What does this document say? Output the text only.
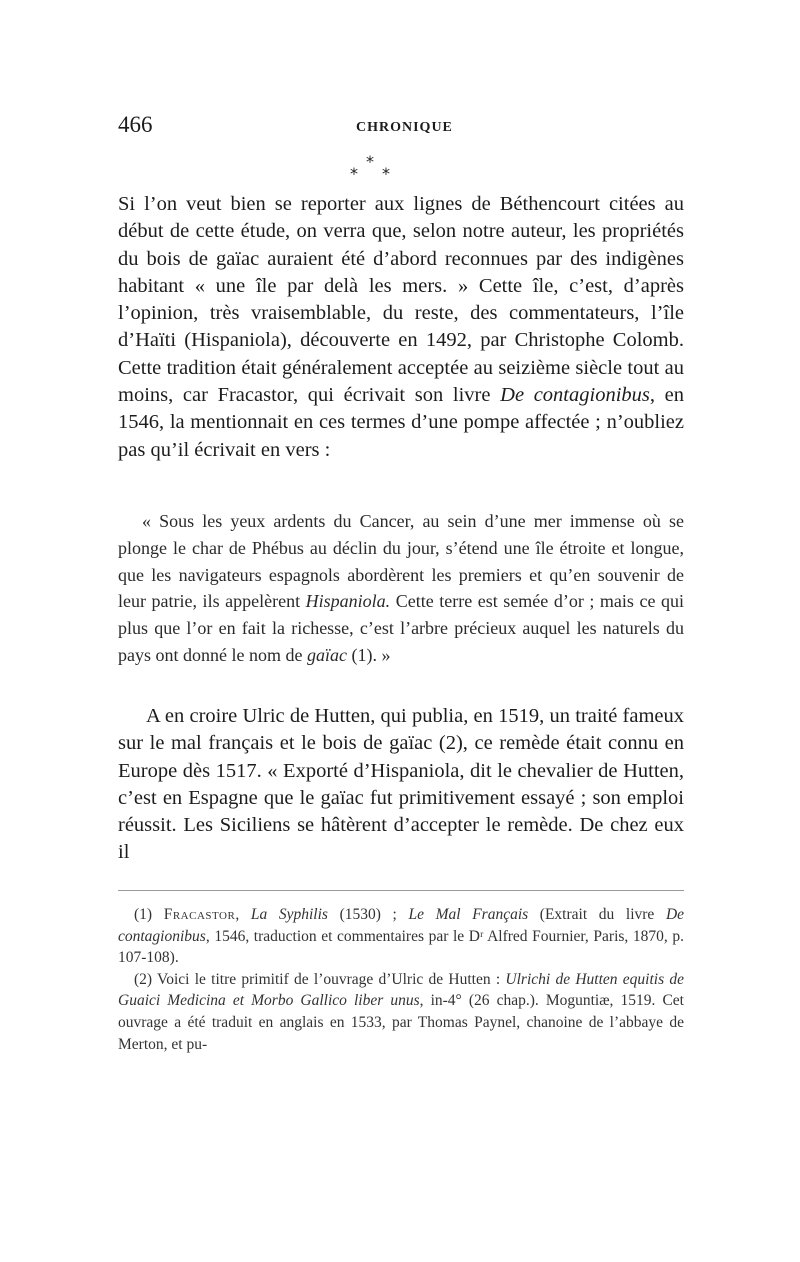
466	CHRONIQUE
*
* *

Si l’on veut bien se reporter aux lignes de Béthencourt citées au début de cette étude, on verra que, selon notre auteur, les propriétés du bois de gaïac auraient été d’abord reconnues par des indigènes habitant « une île par delà les mers. » Cette île, c’est, d’après l’opinion, très vraisemblable, du reste, des commentateurs, l’île d’Haïti (Hispaniola), découverte en 1492, par Christophe Colomb. Cette tradition était généralement acceptée au seizième siècle tout au moins, car Fracastor, qui écrivait son livre De contagionibus, en 1546, la mentionnait en ces termes d’une pompe affectée ; n’oubliez pas qu’il écrivait en vers :

« Sous les yeux ardents du Cancer, au sein d’une mer immense où se plonge le char de Phébus au déclin du jour, s’étend une île étroite et longue, que les navigateurs espagnols abordèrent les premiers et qu’en souvenir de leur patrie, ils appelèrent Hispaniola. Cette terre est semée d’or ; mais ce qui plus que l’or en fait la richesse, c’est l’arbre précieux auquel les naturels du pays ont donné le nom de gaïac (1). »

A en croire Ulric de Hutten, qui publia, en 1519, un traité fameux sur le mal français et le bois de gaïac (2), ce remède était connu en Europe dès 1517. « Exporté d’Hispaniola, dit le chevalier de Hutten, c’est en Espagne que le gaïac fut primitivement essayé ; son emploi réussit. Les Siciliens se hâtèrent d’accepter le remède. De chez eux il

(1) Fracastor, La Syphilis (1530) ; Le Mal Français (Extrait du livre De contagionibus, 1546, traduction et commentaires par le Dʳ Alfred Fournier, Paris, 1870, p. 107-108).

(2) Voici le titre primitif de l’ouvrage d’Ulric de Hutten : Ulrichi de Hutten equitis de Guaici Medicina et Morbo Gallico liber unus, in-4° (26 chap.). Moguntiæ, 1519. Cet ouvrage a été traduit en anglais en 1533, par Thomas Paynel, chanoine de l’abbaye de Merton, et pu-
